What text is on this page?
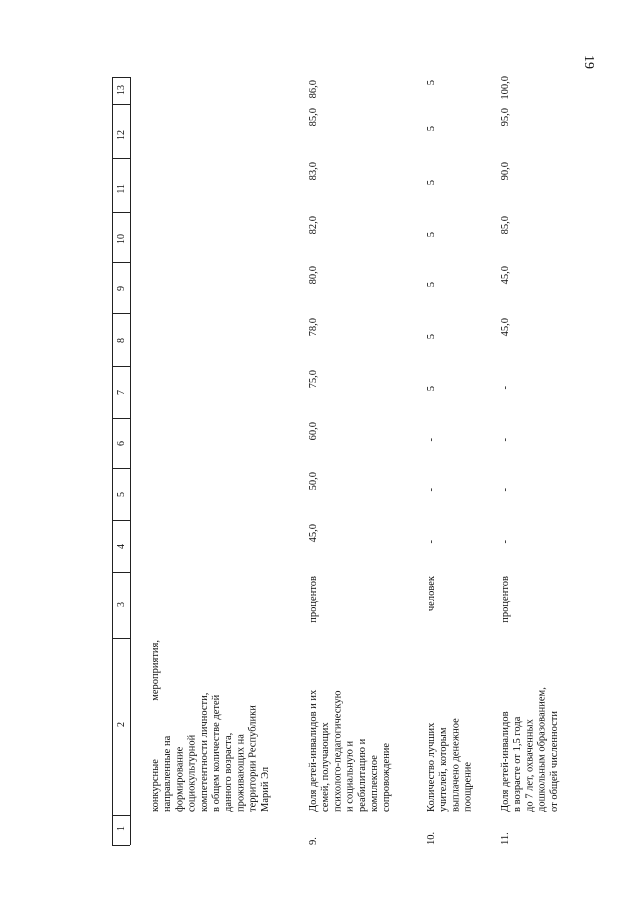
19
13
12
11
10
9
8
7
6
5
4
3
2
1
конкурсные мероприятия, направленные на
формирование
социокультурной
компетентности личности,
в общем количестве детей
данного возраста,
проживающих на
территории Республики
Марий Эл
9.
Доля детей-инвалидов и их
семей, получающих
психолого-педагогическую
и социальную и
реабилитацию и
комплексное
сопровождение
процентов
45,0
50,0
60,0
75,0
78,0
80,0
82,0
83,0
85,0
86,0
10.
Количество лучших
учителей, которым
выплачено денежное
поощрение
человек
-
-
-
5
5
5
5
5
5
5
11.
Доля детей-инвалидов
в возрасте от 1,5 года
до 7 лет, охваченных
дошкольным образованием,
от общей численности
процентов
-
-
-
-
45,0
45,0
85,0
90,0
95,0
100,0
